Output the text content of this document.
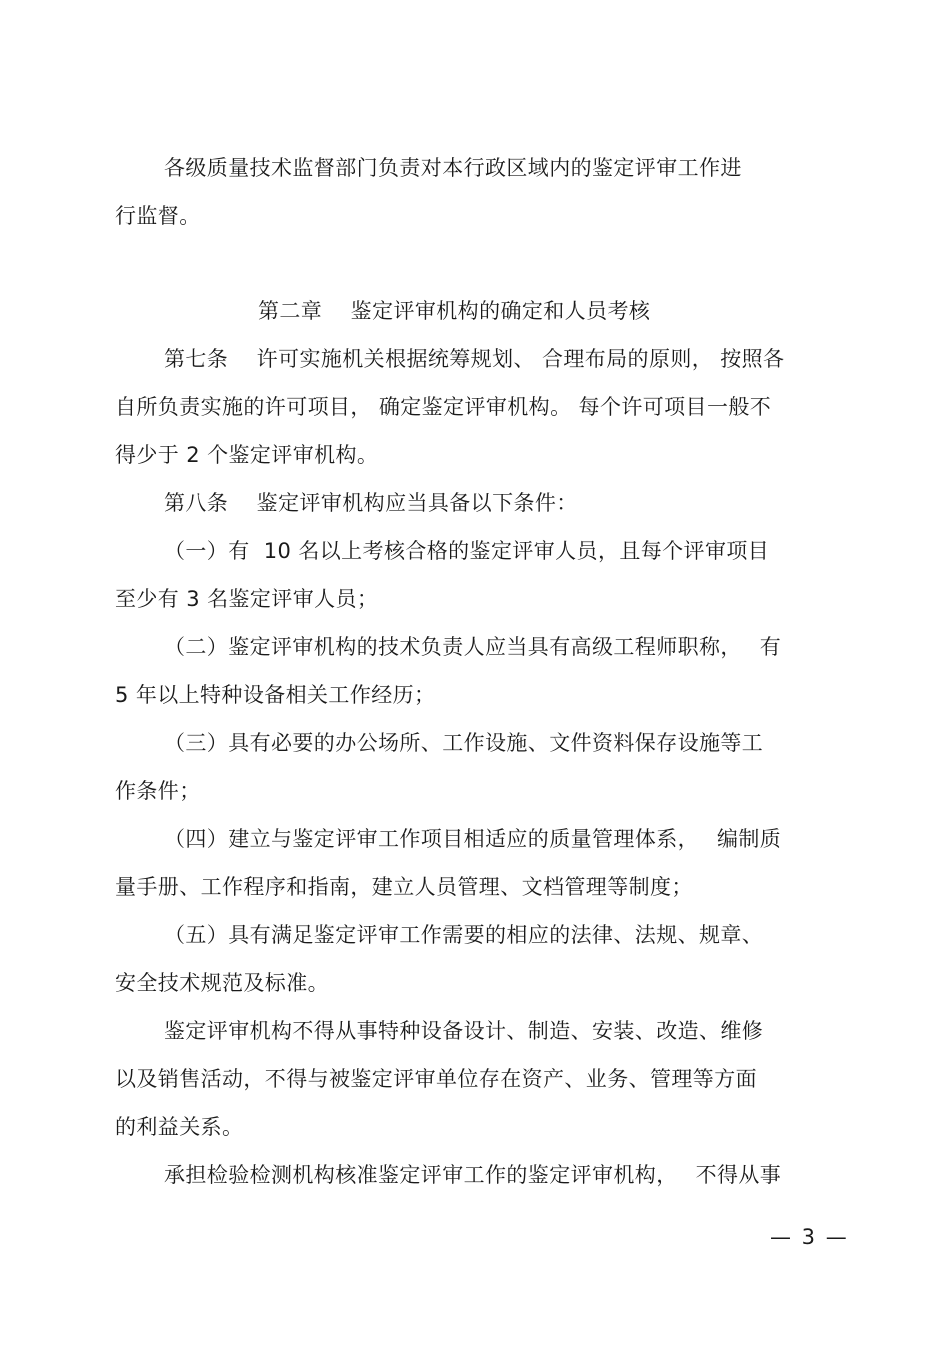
各级质量技术监督部门负责对本行政区域内的鉴定评审工作进
行监督。
第二章　 鉴定评审机构的确定和人员考核
第七条　 许可实施机关根据统筹规划、 合理布局的原则， 按照各
自所负责实施的许可项目， 确定鉴定评审机构。 每个许可项目一般不
得少于 2 个鉴定评审机构。
第八条　 鉴定评审机构应当具备以下条件：
（一）有  10 名以上考核合格的鉴定评审人员，且每个评审项目
至少有 3 名鉴定评审人员；
（二）鉴定评审机构的技术负责人应当具有高级工程师职称，　 有
5 年以上特种设备相关工作经历；
（三）具有必要的办公场所、工作设施、文件资料保存设施等工
作条件；
（四）建立与鉴定评审工作项目相适应的质量管理体系，　 编制质
量手册、工作程序和指南，建立人员管理、文档管理等制度；
（五）具有满足鉴定评审工作需要的相应的法律、法规、规章、
安全技术规范及标准。
鉴定评审机构不得从事特种设备设计、制造、安装、改造、维修
以及销售活动，不得与被鉴定评审单位存在资产、业务、管理等方面
的利益关系。
承担检验检测机构核准鉴定评审工作的鉴定评审机构，　 不得从事
— 3 —
